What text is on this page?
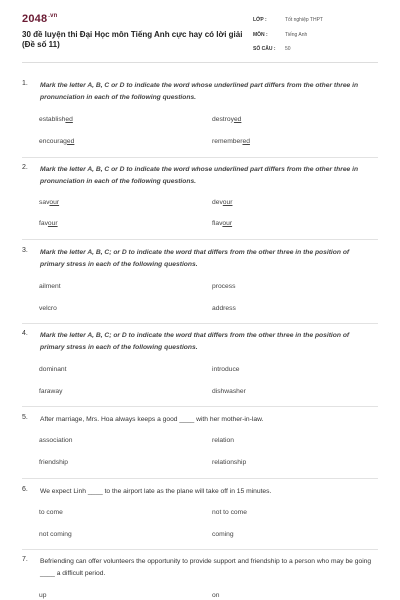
$2048^{.vn}$
30 đề luyện thi Đại Học môn Tiếng Anh cực hay có lời giải
(Đề số 11)
LỚP :	Tốt nghiệp THPT
MÔN :	Tiếng Anh
SỐ CÂU : 50
1. Mark the letter A, B, C or D to indicate the word whose underlined part differs from the other three in pronunciation in each of the following questions.
established	destroyed
encouraged	remembered
2. Mark the letter A, B, C or D to indicate the word whose underlined part differs from the other three in pronunciation in each of the following questions.
savour	devour
favour	flavour
3. Mark the letter A, B, C; or D to indicate the word that differs from the other three in the position of primary stress in each of the following questions.
ailment	process
velcro	address
4. Mark the letter A, B, C; or D to indicate the word that differs from the other three in the position of primary stress in each of the following questions.
dominant	introduce
faraway	dishwasher
5. After marriage, Mrs. Hoa always keeps a good ____ with her mother-in-law.
association	relation
friendship	relationship
6. We expect Linh ____ to the airport late as the plane will take off in 15 minutes.
to come	not to come
not coming	coming
7. Befriending can offer volunteers the opportunity to provide support and friendship to a person who may be going ____ a difficult period.
up	on
